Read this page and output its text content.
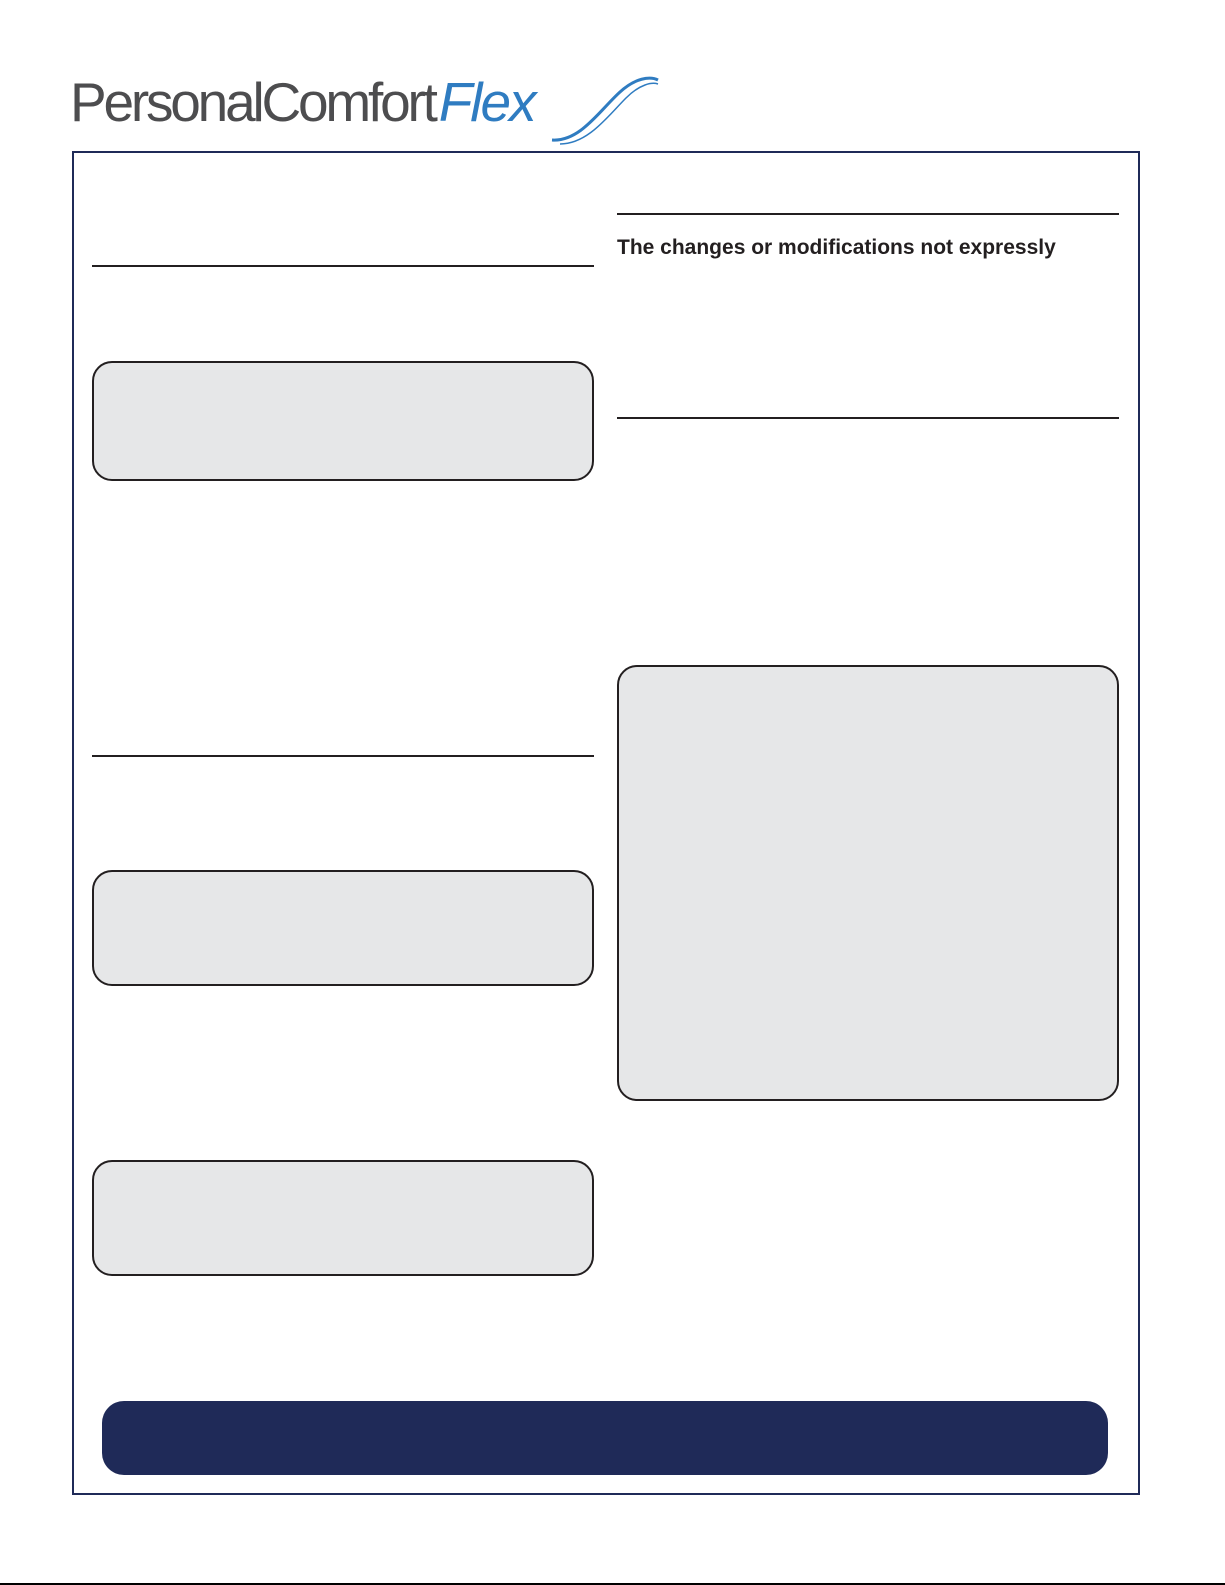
PersonalComfortFlex
The changes or modifications not expressly
